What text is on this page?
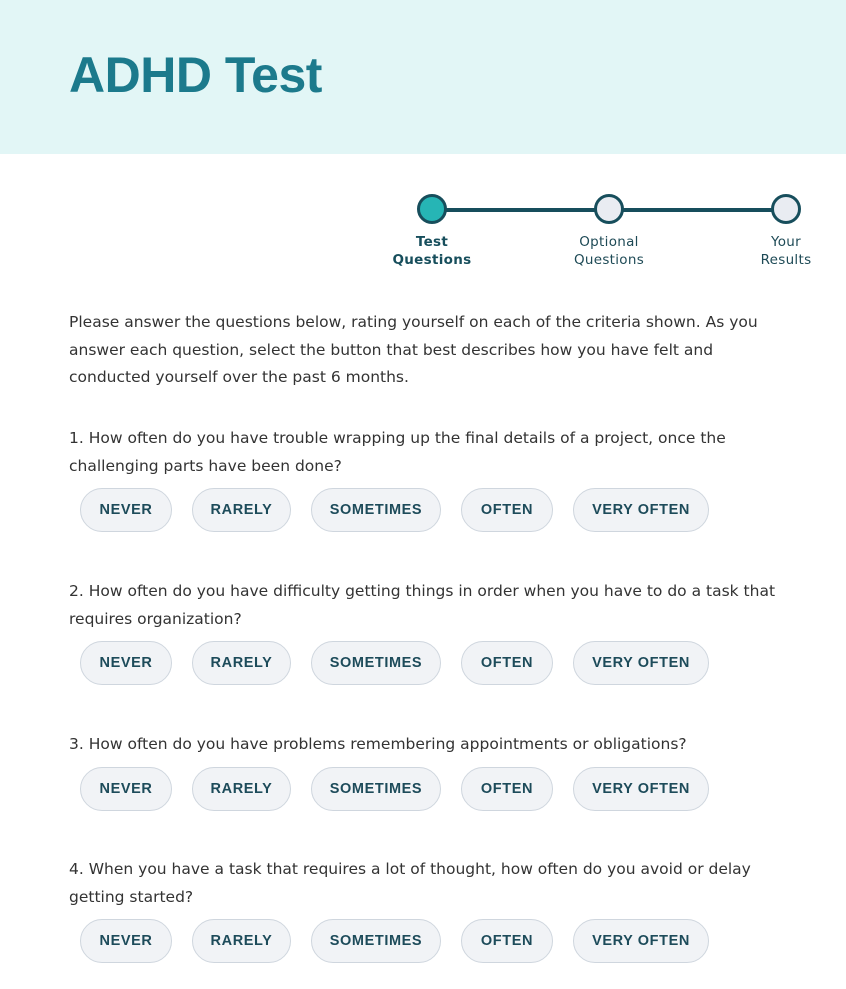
ADHD Test
Test
Questions
Optional
Questions
Your
Results

Please answer the questions below, rating yourself on each of the criteria shown. As you answer each question, select the button that best describes how you have felt and conducted yourself over the past 6 months.

1. How often do you have trouble wrapping up the final details of a project, once the challenging parts have been done?

NEVER	RARELY	SOMETIMES	OFTEN	VERY OFTEN

2. How often do you have difficulty getting things in order when you have to do a task that requires organization?

NEVER	RARELY	SOMETIMES	OFTEN	VERY OFTEN

3. How often do you have problems remembering appointments or obligations?

NEVER	RARELY	SOMETIMES	OFTEN	VERY OFTEN

4. When you have a task that requires a lot of thought, how often do you avoid or delay getting started?

NEVER	RARELY	SOMETIMES	OFTEN	VERY OFTEN
